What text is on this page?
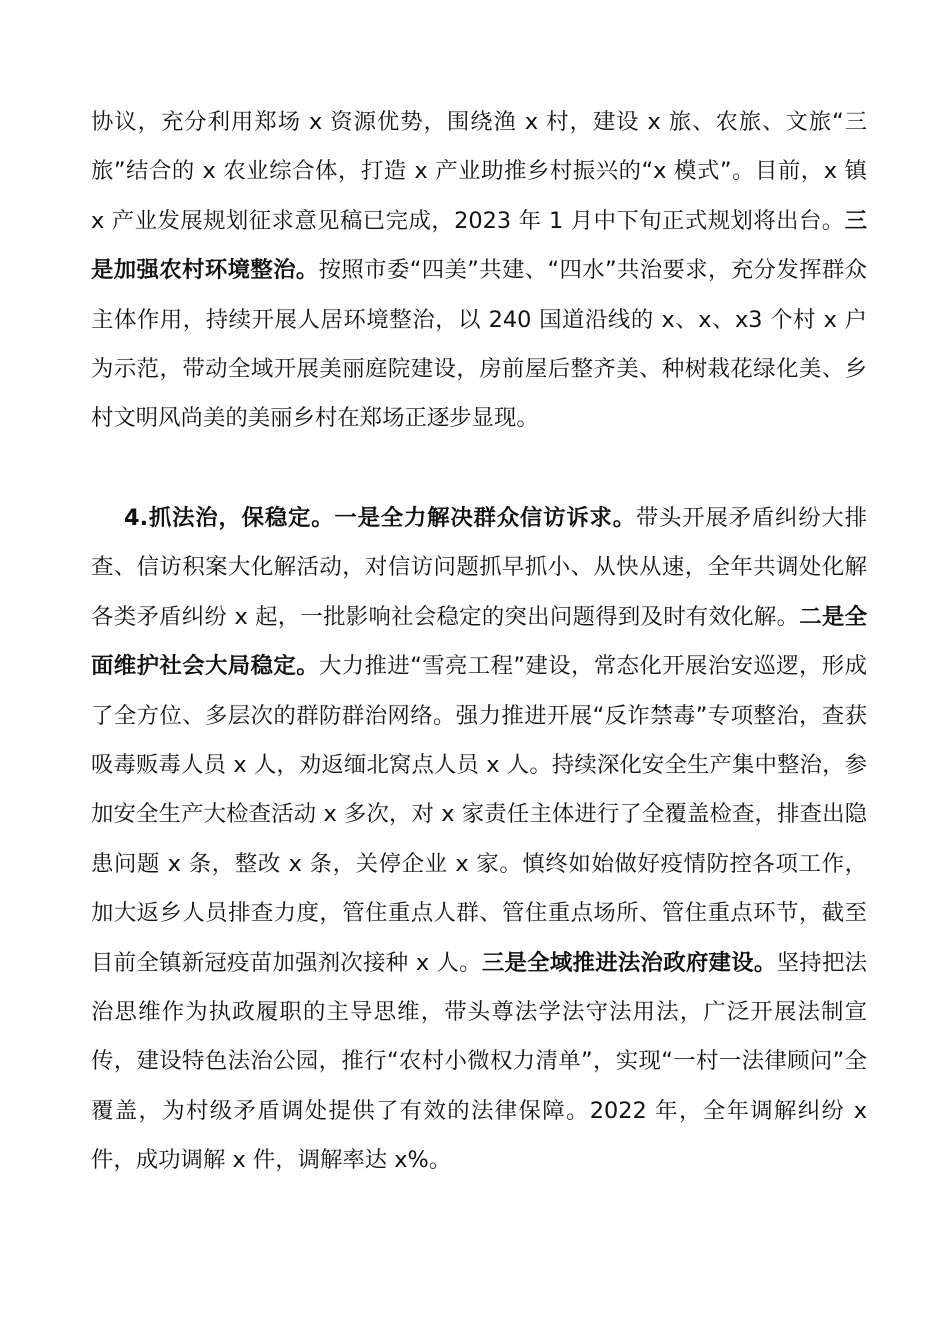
协议，充分利用郑场 x 资源优势，围绕渔 x 村，建设 x 旅、农旅、文旅“三旅”结合的 x 农业综合体，打造 x 产业助推乡村振兴的“x 模式”。目前，x 镇 x 产业发展规划征求意见稿已完成，2023 年 1 月中下旬正式规划将出台。三是加强农村环境整治。按照市委“四美”共建、“四水”共治要求，充分发挥群众主体作用，持续开展人居环境整治，以 240 国道沿线的 x、x、x3 个村 x 户为示范，带动全域开展美丽庭院建设，房前屋后整齐美、种树栽花绿化美、乡村文明风尚美的美丽乡村在郑场正逐步显现。

4.抓法治，保稳定。一是全力解决群众信访诉求。带头开展矛盾纠纷大排查、信访积案大化解活动，对信访问题抓早抓小、从快从速，全年共调处化解各类矛盾纠纷 x 起，一批影响社会稳定的突出问题得到及时有效化解。二是全面维护社会大局稳定。大力推进“雪亮工程”建设，常态化开展治安巡逻，形成了全方位、多层次的群防群治网络。强力推进开展“反诈禁毒”专项整治，查获吸毒贩毒人员 x 人，劝返缅北窝点人员 x 人。持续深化安全生产集中整治，参加安全生产大检查活动 x 多次，对 x 家责任主体进行了全覆盖检查，排查出隐患问题 x 条，整改 x 条，关停企业 x 家。慎终如始做好疫情防控各项工作，加大返乡人员排查力度，管住重点人群、管住重点场所、管住重点环节，截至目前全镇新冠疫苗加强剂次接种 x 人。三是全域推进法治政府建设。坚持把法治思维作为执政履职的主导思维，带头尊法学法守法用法，广泛开展法制宣传，建设特色法治公园，推行“农村小微权力清单”，实现“一村一法律顾问”全覆盖，为村级矛盾调处提供了有效的法律保障。2022 年，全年调解纠纷 x 件，成功调解 x 件，调解率达 x%。
